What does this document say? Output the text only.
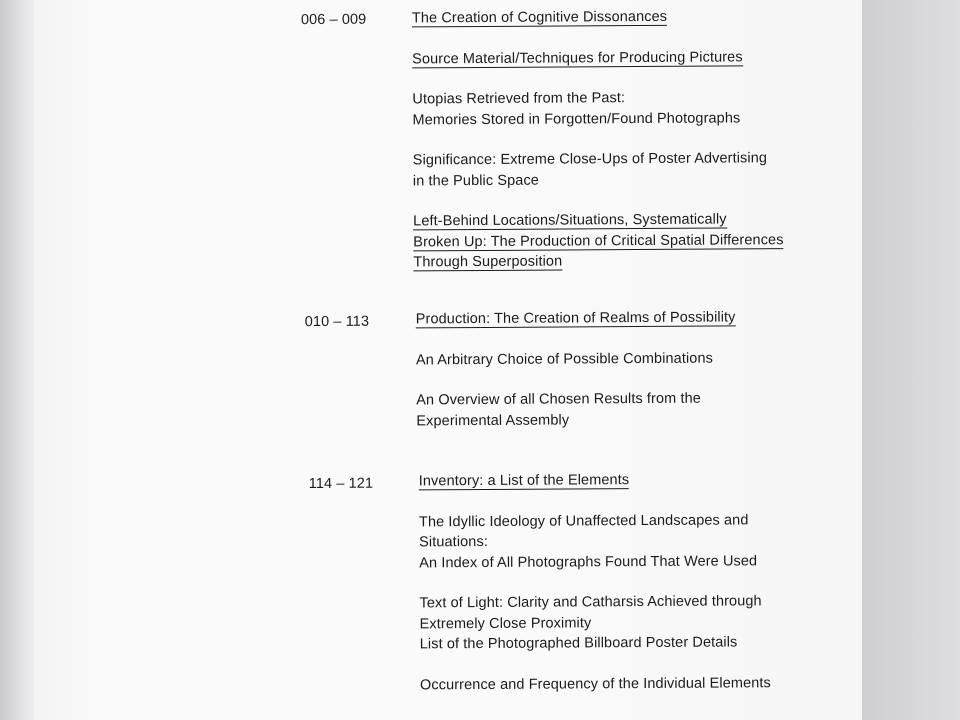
006 – 009	The Creation of Cognitive Dissonances
Source Material/Techniques for Producing Pictures
Utopias Retrieved from the Past:
Memories Stored in Forgotten/Found Photographs
Significance: Extreme Close-Ups of Poster Advertising
in the Public Space
Left-Behind Locations/Situations, Systematically
Broken Up: The Production of Critical Spatial Differences
Through Superposition
010 – 113	Production: The Creation of Realms of Possibility
An Arbitrary Choice of Possible Combinations
An Overview of all Chosen Results from the
Experimental Assembly
114 – 121	Inventory: a List of the Elements
The Idyllic Ideology of Unaffected Landscapes and
Situations:
An Index of All Photographs Found That Were Used
Text of Light: Clarity and Catharsis Achieved through
Extremely Close Proximity
List of the Photographed Billboard Poster Details
Occurrence and Frequency of the Individual Elements
